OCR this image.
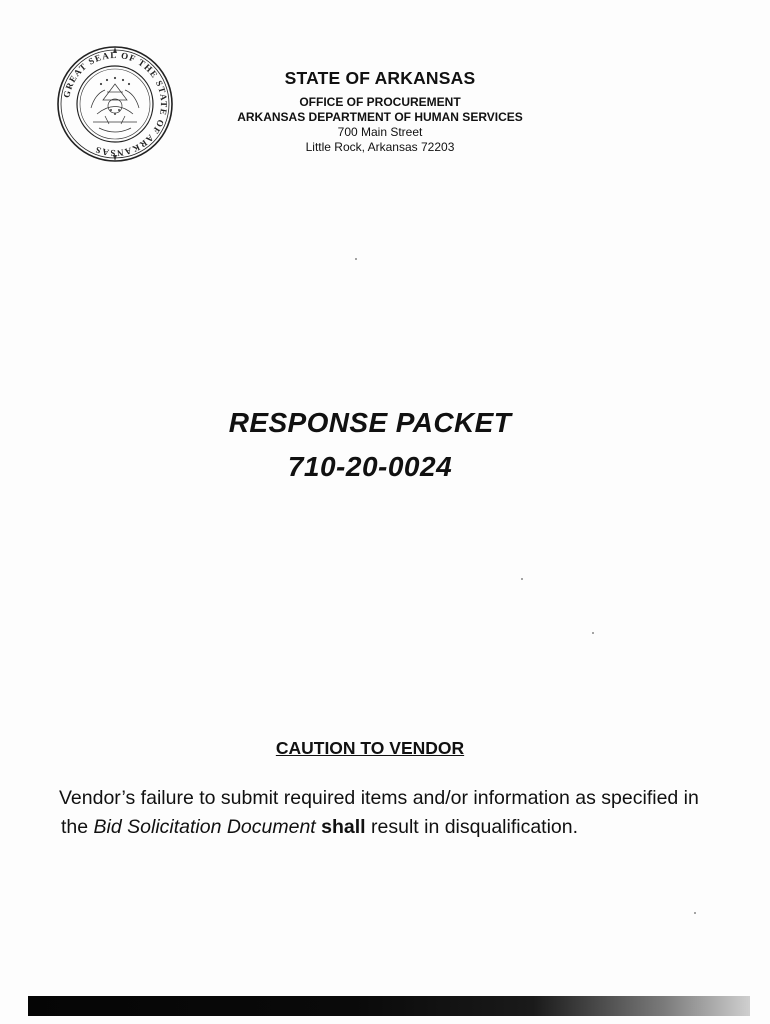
GREAT SEAL OF THE STATE OF ARKANSAS

STATE OF ARKANSAS

OFFICE OF PROCUREMENT

ARKANSAS DEPARTMENT OF HUMAN SERVICES

700 Main Street

Little Rock, Arkansas 72203

RESPONSE PACKET

710-20-0024

CAUTION TO VENDOR
Vendor’s failure to submit required items and/or information as specified in
the Bid Solicitation Document shall result in disqualification.
